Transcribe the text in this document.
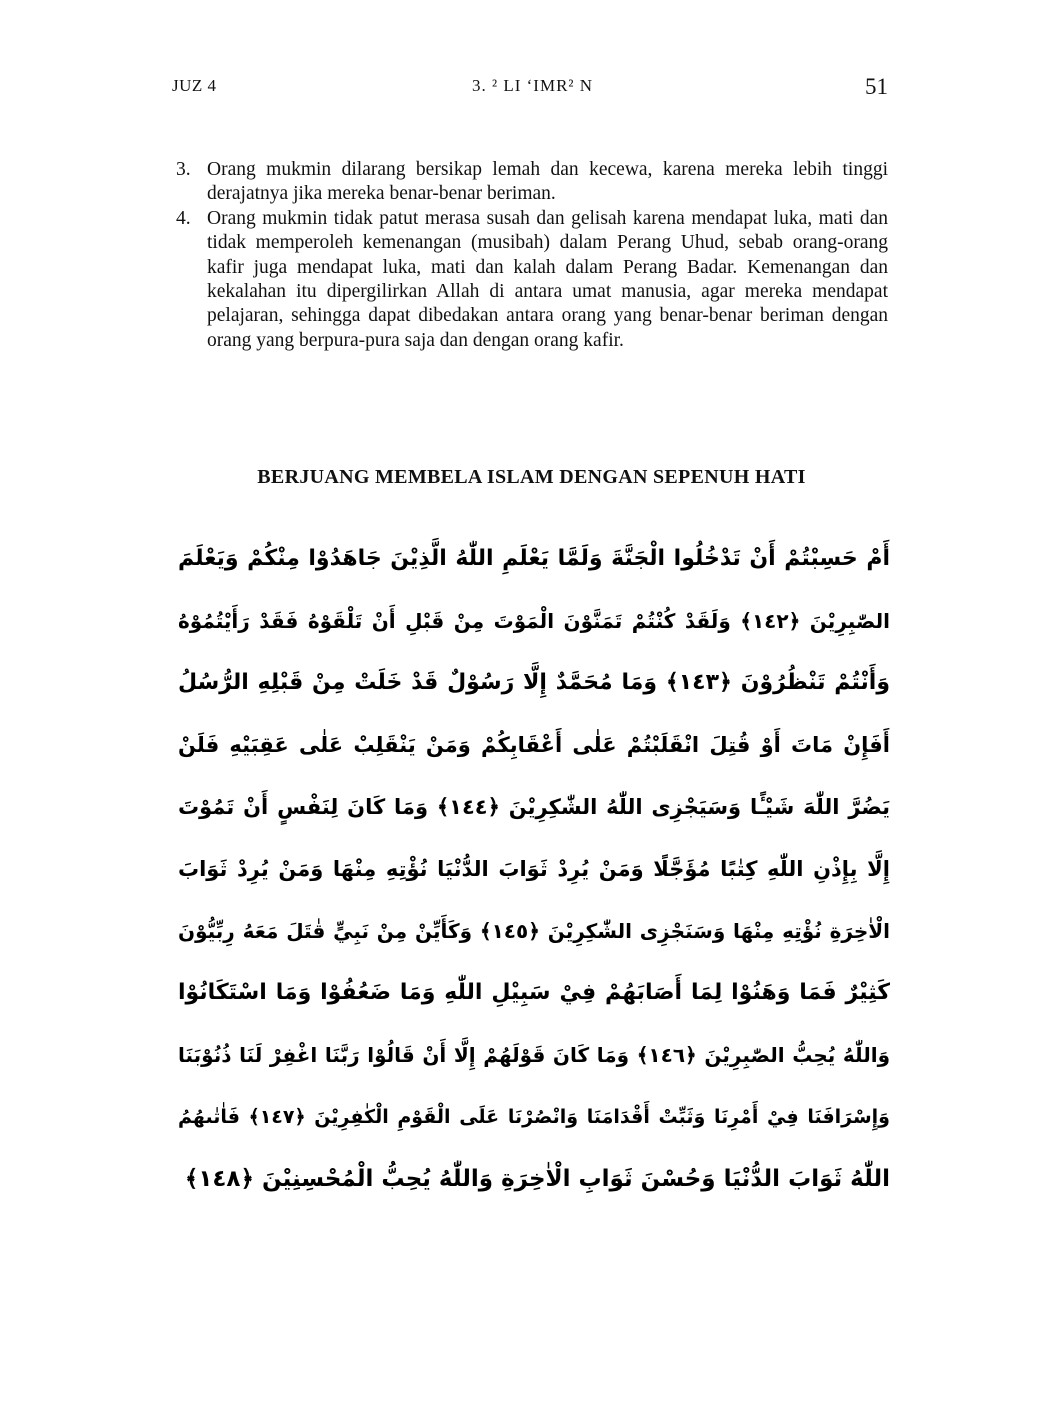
JUZ 4	3. ² LI ‘IMR² N	51
3. Orang mukmin dilarang bersikap lemah dan kecewa, karena mereka lebih tinggi derajatnya jika mereka benar-benar beriman.
4. Orang mukmin tidak patut merasa susah dan gelisah karena mendapat luka, mati dan tidak memperoleh kemenangan (musibah) dalam Perang Uhud, sebab orang-orang kafir juga mendapat luka, mati dan kalah dalam Perang Badar. Kemenangan dan kekalahan itu dipergilirkan Allah di antara umat manusia, agar mereka mendapat pelajaran, sehingga dapat dibedakan antara orang yang benar-benar beriman dengan orang yang berpura-pura saja dan dengan orang kafir.
BERJUANG MEMBELA ISLAM DENGAN SEPENUH HATI
أَمْ حَسِبْتُمْ أَنْ تَدْخُلُوا الْجَنَّةَ وَلَمَّا يَعْلَمِ اللّٰهُ الَّذِيْنَ جَاهَدُوْا مِنْكُمْ وَيَعْلَمَ
الصّٰبِرِيْنَ ﴿١٤٢﴾ وَلَقَدْ كُنْتُمْ تَمَنَّوْنَ الْمَوْتَ مِنْ قَبْلِ أَنْ تَلْقَوْهُ فَقَدْ رَأَيْتُمُوْهُ
وَأَنْتُمْ تَنْظُرُوْنَ ﴿١٤٣﴾ وَمَا مُحَمَّدٌ إِلَّا رَسُوْلٌ قَدْ خَلَتْ مِنْ قَبْلِهِ الرُّسُلُ
أَفَإِنْ مَاتَ أَوْ قُتِلَ انْقَلَبْتُمْ عَلٰى أَعْقَابِكُمْ وَمَنْ يَنْقَلِبْ عَلٰى عَقِبَيْهِ فَلَنْ
يَضُرَّ اللّٰهَ شَيْـًٔا وَسَيَجْزِى اللّٰهُ الشّٰكِرِيْنَ ﴿١٤٤﴾ وَمَا كَانَ لِنَفْسٍ أَنْ تَمُوْتَ
إِلَّا بِإِذْنِ اللّٰهِ كِتٰبًا مُؤَجَّلًا وَمَنْ يُرِدْ ثَوَابَ الدُّنْيَا نُؤْتِهِ مِنْهَا وَمَنْ يُرِدْ ثَوَابَ
الْاٰخِرَةِ نُؤْتِهِ مِنْهَا وَسَنَجْزِى الشّٰكِرِيْنَ ﴿١٤٥﴾ وَكَأَيِّنْ مِنْ نَبِيٍّ قٰتَلَ مَعَهُ رِبِّيُّوْنَ
كَثِيْرٌ فَمَا وَهَنُوْا لِمَا أَصَابَهُمْ فِيْ سَبِيْلِ اللّٰهِ وَمَا ضَعُفُوْا وَمَا اسْتَكَانُوْا
وَاللّٰهُ يُحِبُّ الصّٰبِرِيْنَ ﴿١٤٦﴾ وَمَا كَانَ قَوْلَهُمْ إِلَّا أَنْ قَالُوْا رَبَّنَا اغْفِرْ لَنَا ذُنُوْبَنَا
وَإِسْرَافَنَا فِيْ أَمْرِنَا وَثَبِّتْ أَقْدَامَنَا وَانْصُرْنَا عَلَى الْقَوْمِ الْكٰفِرِيْنَ ﴿١٤٧﴾ فَاٰتٰىهُمُ
اللّٰهُ ثَوَابَ الدُّنْيَا وَحُسْنَ ثَوَابِ الْاٰخِرَةِ وَاللّٰهُ يُحِبُّ الْمُحْسِنِيْنَ ﴿١٤٨﴾
